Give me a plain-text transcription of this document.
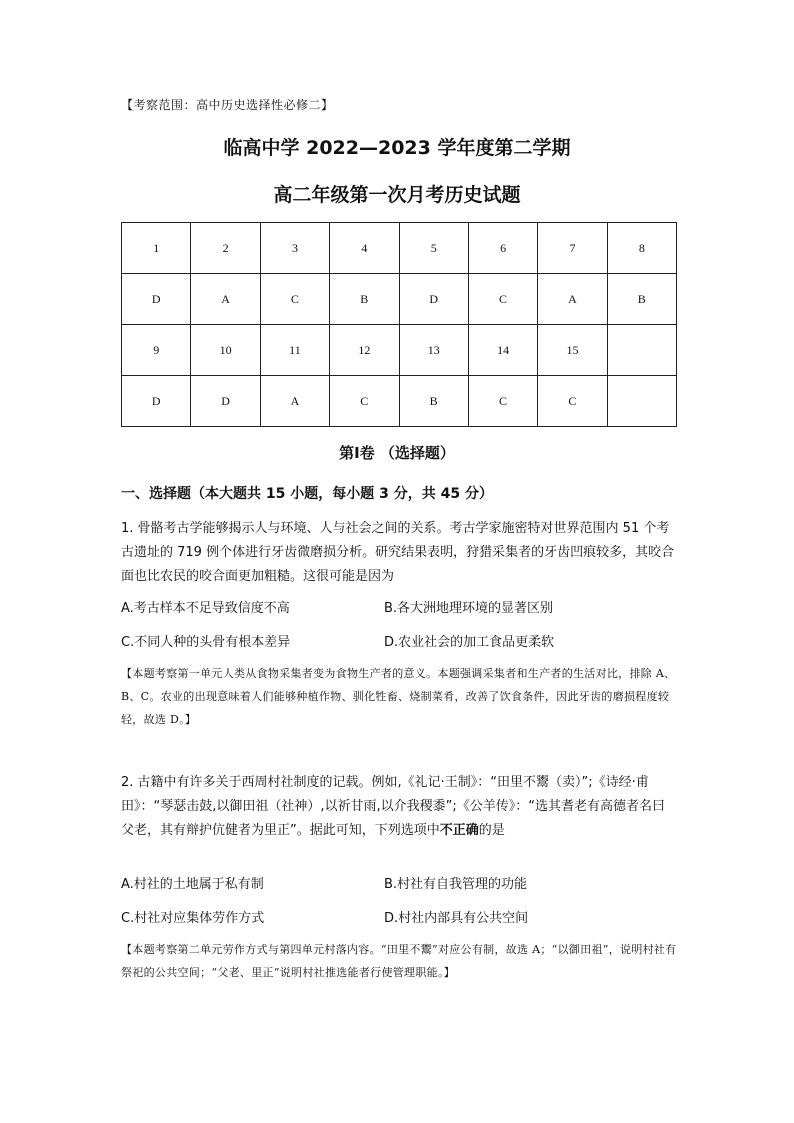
【考察范围：高中历史选择性必修二】
临高中学 2022—2023 学年度第二学期
高二年级第一次月考历史试题
1	2	3	4	5	6	7	8
D	A	C	B	D	C	A	B
9	10	11	12	13	14	15	
D	D	A	C	B	C	C	
第Ⅰ卷 （选择题）
一、选择题（本大题共 15 小题，每小题 3 分，共 45 分）
1. 骨骼考古学能够揭示人与环境、人与社会之间的关系。考古学家施密特对世界范围内 51 个考古遗址的 719 例个体进行牙齿微磨损分析。研究结果表明，狩猎采集者的牙齿凹痕较多，其咬合面也比农民的咬合面更加粗糙。这很可能是因为
A.考古样本不足导致信度不高	B.各大洲地理环境的显著区别
C.不同人种的头骨有根本差异	D.农业社会的加工食品更柔软
【本题考察第一单元人类从食物采集者变为食物生产者的意义。本题强调采集者和生产者的生活对比，排除 A、B、C。农业的出现意味着人们能够种植作物、驯化牲畜、烧制菜肴，改善了饮食条件，因此牙齿的磨损程度较轻，故选 D。】
2. 古籍中有许多关于西周村社制度的记载。例如,《礼记·王制》：“田里不鬻（卖）”;《诗经·甫田》：“琴瑟击鼓,以御田祖（社神）,以祈甘雨,以介我稷黍”;《公羊传》：“选其耆老有高德者名曰父老，其有辩护伉健者为里正”。据此可知，下列选项中不正确的是
A.村社的土地属于私有制	B.村社有自我管理的功能
C.村社对应集体劳作方式	D.村社内部具有公共空间
【本题考察第二单元劳作方式与第四单元村落内容。“田里不鬻”对应公有制，故选 A；“以御田祖”，说明村社有祭祀的公共空间；“父老、里正”说明村社推选能者行使管理职能。】
